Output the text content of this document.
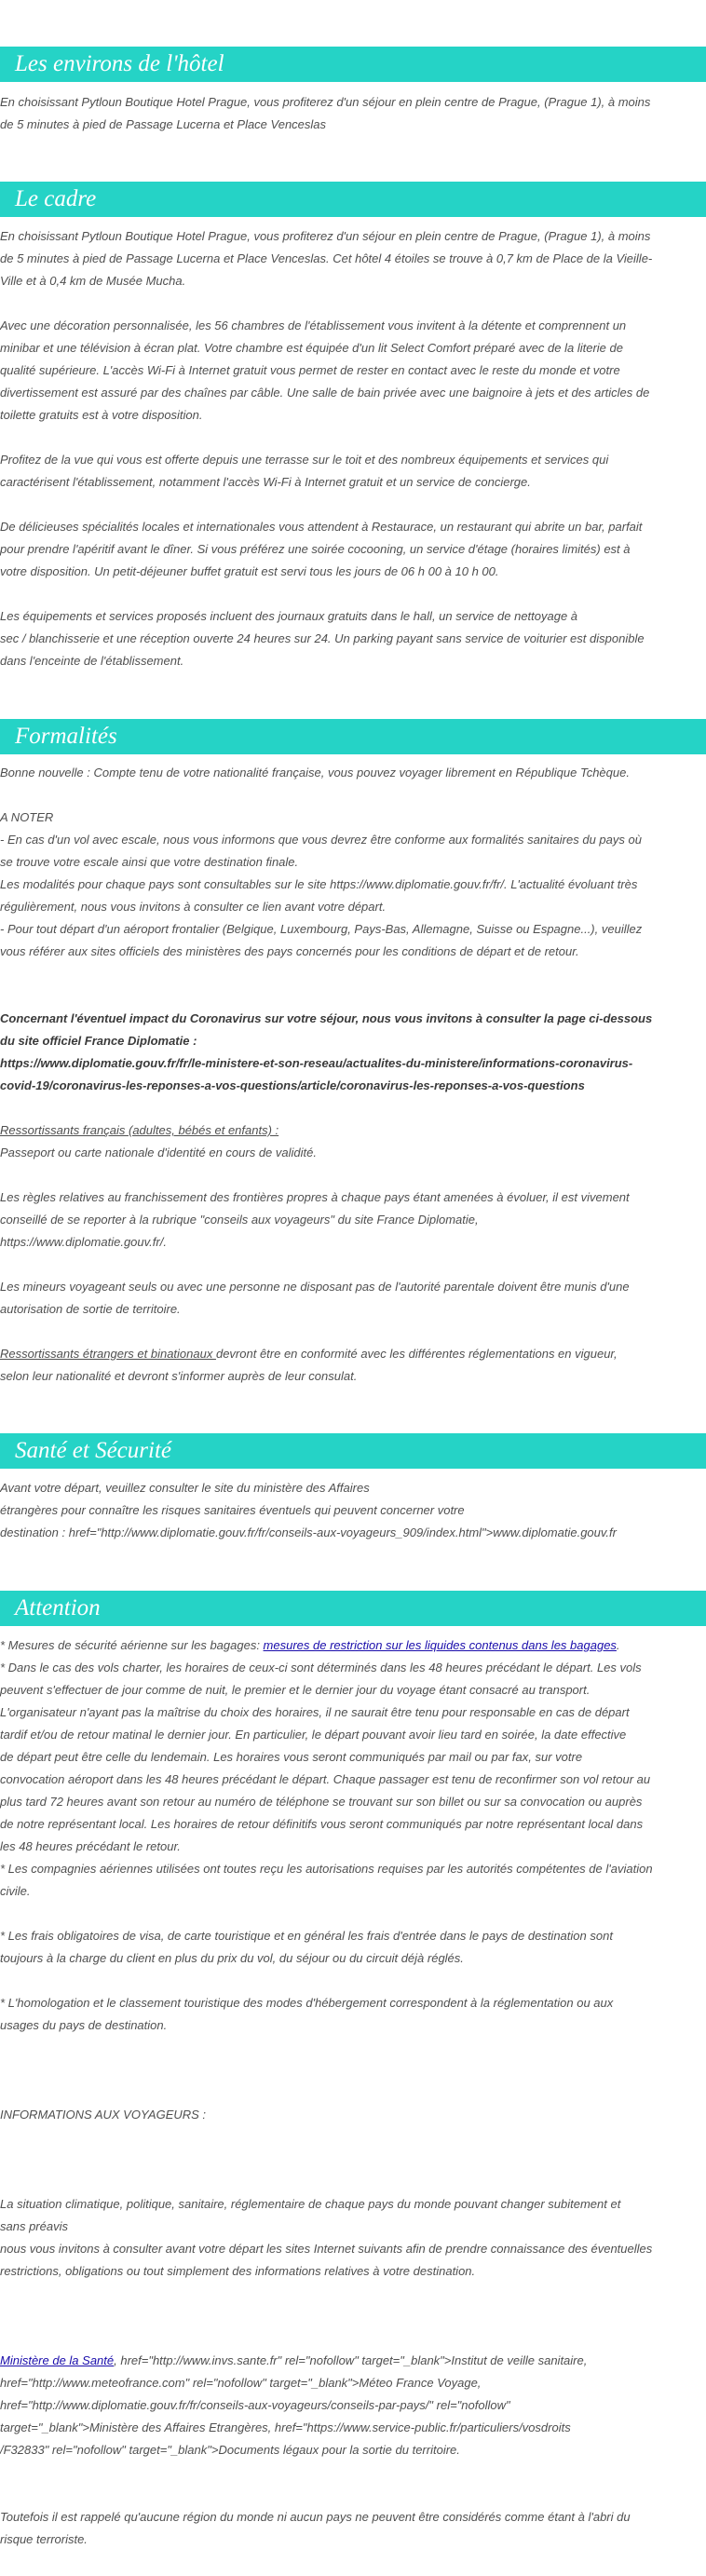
Les environs de l'hôtel
En choisissant Pytloun Boutique Hotel Prague, vous profiterez d'un séjour en plein centre de Prague, (Prague 1), à moins
de 5 minutes à pied de Passage Lucerna et Place Venceslas
Le cadre
En choisissant Pytloun Boutique Hotel Prague, vous profiterez d'un séjour en plein centre de Prague, (Prague 1), à moins
de 5 minutes à pied de Passage Lucerna et Place Venceslas. Cet hôtel 4 étoiles se trouve à 0,7 km de Place de la Vieille-
Ville et à 0,4 km de Musée Mucha.
Avec une décoration personnalisée, les 56 chambres de l'établissement vous invitent à la détente et comprennent un
minibar et une télévision à écran plat. Votre chambre est équipée d'un lit Select Comfort préparé avec de la literie de
qualité supérieure. L'accès Wi-Fi à Internet gratuit vous permet de rester en contact avec le reste du monde et votre
divertissement est assuré par des chaînes par câble. Une salle de bain privée avec une baignoire à jets et des articles de
toilette gratuits est à votre disposition.
Profitez de la vue qui vous est offerte depuis une terrasse sur le toit et des nombreux équipements et services qui
caractérisent l'établissement, notamment l'accès Wi-Fi à Internet gratuit et un service de concierge.
De délicieuses spécialités locales et internationales vous attendent à Restaurace, un restaurant qui abrite un bar, parfait
pour prendre l'apéritif avant le dîner. Si vous préférez une soirée cocooning, un service d'étage (horaires limités) est à
votre disposition. Un petit-déjeuner buffet gratuit est servi tous les jours de 06 h 00 à 10 h 00.
Les équipements et services proposés incluent des journaux gratuits dans le hall, un service de nettoyage à
sec / blanchisserie et une réception ouverte 24 heures sur 24. Un parking payant sans service de voiturier est disponible
dans l'enceinte de l'établissement.
Formalités
Bonne nouvelle : Compte tenu de votre nationalité française, vous pouvez voyager librement en République Tchèque.
A NOTER
- En cas d'un vol avec escale, nous vous informons que vous devrez être conforme aux formalités sanitaires du pays où
se trouve votre escale ainsi que votre destination finale.
Les modalités pour chaque pays sont consultables sur le site https://www.diplomatie.gouv.fr/fr/. L'actualité évoluant très
régulièrement, nous vous invitons à consulter ce lien avant votre départ.
- Pour tout départ d'un aéroport frontalier (Belgique, Luxembourg, Pays-Bas, Allemagne, Suisse ou Espagne...), veuillez
vous référer aux sites officiels des ministères des pays concernés pour les conditions de départ et de retour.
Concernant l'éventuel impact du Coronavirus sur votre séjour, nous vous invitons à consulter la page ci-dessous
du site officiel France Diplomatie :
https://www.diplomatie.gouv.fr/fr/le-ministere-et-son-reseau/actualites-du-ministere/informations-coronavirus-
covid-19/coronavirus-les-reponses-a-vos-questions/article/coronavirus-les-reponses-a-vos-questions
Ressortissants français (adultes, bébés et enfants) :
Passeport ou carte nationale d'identité en cours de validité.
Les règles relatives au franchissement des frontières propres à chaque pays étant amenées à évoluer, il est vivement
conseillé de se reporter à la rubrique "conseils aux voyageurs" du site France Diplomatie,
https://www.diplomatie.gouv.fr/.
Les mineurs voyageant seuls ou avec une personne ne disposant pas de l'autorité parentale doivent être munis d'une
autorisation de sortie de territoire.
Ressortissants étrangers et binationaux devront être en conformité avec les différentes réglementations en vigueur,
selon leur nationalité et devront s'informer auprès de leur consulat.
Santé et Sécurité
Avant votre départ, veuillez consulter le site du ministère des Affaires
étrangères pour connaître les risques sanitaires éventuels qui peuvent concerner votre
destination : href="http://www.diplomatie.gouv.fr/fr/conseils-aux-voyageurs_909/index.html">www.diplomatie.gouv.fr
Attention
* Mesures de sécurité aérienne sur les bagages: mesures de restriction sur les liquides contenus dans les bagages.
* Dans le cas des vols charter, les horaires de ceux-ci sont déterminés dans les 48 heures précédant le départ. Les vols
peuvent s'effectuer de jour comme de nuit, le premier et le dernier jour du voyage étant consacré au transport.
L'organisateur n'ayant pas la maîtrise du choix des horaires, il ne saurait être tenu pour responsable en cas de départ
tardif et/ou de retour matinal le dernier jour. En particulier, le départ pouvant avoir lieu tard en soirée, la date effective
de départ peut être celle du lendemain. Les horaires vous seront communiqués par mail ou par fax, sur votre
convocation aéroport dans les 48 heures précédant le départ. Chaque passager est tenu de reconfirmer son vol retour au
plus tard 72 heures avant son retour au numéro de téléphone se trouvant sur son billet ou sur sa convocation ou auprès
de notre représentant local. Les horaires de retour définitifs vous seront communiqués par notre représentant local dans
les 48 heures précédant le retour.
* Les compagnies aériennes utilisées ont toutes reçu les autorisations requises par les autorités compétentes de l'aviation
civile.
* Les frais obligatoires de visa, de carte touristique et en général les frais d'entrée dans le pays de destination sont
toujours à la charge du client en plus du prix du vol, du séjour ou du circuit déjà réglés.
* L'homologation et le classement touristique des modes d'hébergement correspondent à la réglementation ou aux
usages du pays de destination.
INFORMATIONS AUX VOYAGEURS :
La situation climatique, politique, sanitaire, réglementaire de chaque pays du monde pouvant changer subitement et
sans préavis
nous vous invitons à consulter avant votre départ les sites Internet suivants afin de prendre connaissance des éventuelles
restrictions, obligations ou tout simplement des informations relatives à votre destination.
Ministère de la Santé, href="http://www.invs.sante.fr" rel="nofollow" target="_blank">Institut de veille sanitaire,
href="http://www.meteofrance.com" rel="nofollow" target="_blank">Méteo France Voyage,
href="http://www.diplomatie.gouv.fr/fr/conseils-aux-voyageurs/conseils-par-pays/" rel="nofollow"
target="_blank">Ministère des Affaires Etrangères, href="https://www.service-public.fr/particuliers/vosdroits
/F32833" rel="nofollow" target="_blank">Documents légaux pour la sortie du territoire.
Toutefois il est rappelé qu'aucune région du monde ni aucun pays ne peuvent être considérés comme étant à l'abri du
risque terroriste.
